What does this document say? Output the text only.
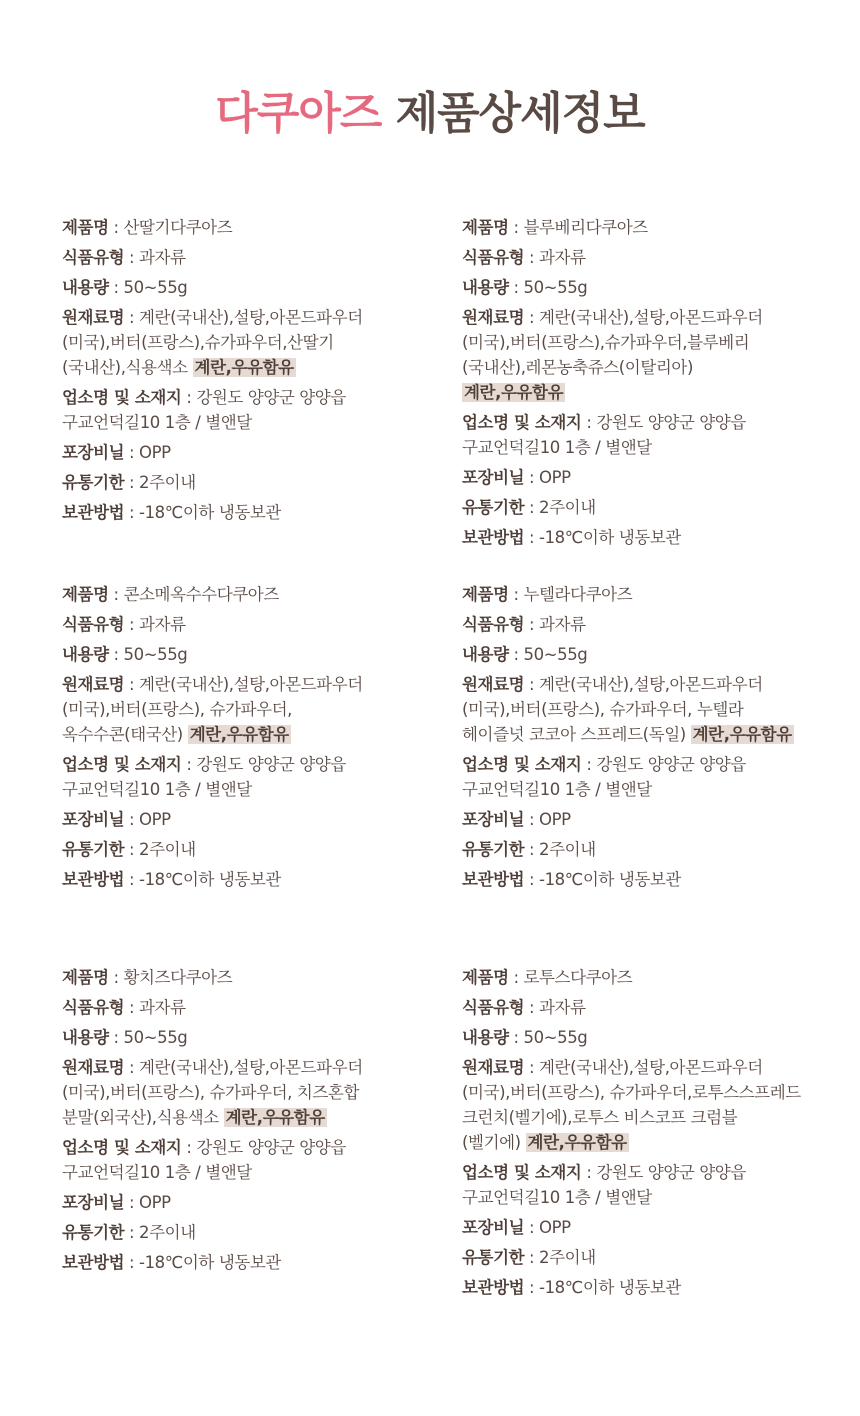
다쿠아즈 제품상세정보
제품명 : 산딸기다쿠아즈
식품유형 : 과자류
내용량 : 50~55g
원재료명 : 계란(국내산),설탕,아몬드파우더
(미국),버터(프랑스),슈가파우더,산딸기
(국내산),식용색소 계란,우유함유
업소명 및 소재지 : 강원도 양양군 양양읍
구교언덕길10 1층 / 별앤달
포장비닐 : OPP
유통기한 : 2주이내
보관방법 : -18℃이하 냉동보관
제품명 : 블루베리다쿠아즈
식품유형 : 과자류
내용량 : 50~55g
원재료명 : 계란(국내산),설탕,아몬드파우더
(미국),버터(프랑스),슈가파우더,블루베리
(국내산),레몬농축쥬스(이탈리아)
계란,우유함유
업소명 및 소재지 : 강원도 양양군 양양읍
구교언덕길10 1층 / 별앤달
포장비닐 : OPP
유통기한 : 2주이내
보관방법 : -18℃이하 냉동보관
제품명 : 콘소메옥수수다쿠아즈
식품유형 : 과자류
내용량 : 50~55g
원재료명 : 계란(국내산),설탕,아몬드파우더
(미국),버터(프랑스), 슈가파우더,
옥수수콘(태국산) 계란,우유함유
업소명 및 소재지 : 강원도 양양군 양양읍
구교언덕길10 1층 / 별앤달
포장비닐 : OPP
유통기한 : 2주이내
보관방법 : -18℃이하 냉동보관
제품명 : 누텔라다쿠아즈
식품유형 : 과자류
내용량 : 50~55g
원재료명 : 계란(국내산),설탕,아몬드파우더
(미국),버터(프랑스), 슈가파우더, 누텔라
헤이즐넛 코코아 스프레드(독일) 계란,우유함유
업소명 및 소재지 : 강원도 양양군 양양읍
구교언덕길10 1층 / 별앤달
포장비닐 : OPP
유통기한 : 2주이내
보관방법 : -18℃이하 냉동보관
제품명 : 황치즈다쿠아즈
식품유형 : 과자류
내용량 : 50~55g
원재료명 : 계란(국내산),설탕,아몬드파우더
(미국),버터(프랑스), 슈가파우더, 치즈혼합
분말(외국산),식용색소 계란,우유함유
업소명 및 소재지 : 강원도 양양군 양양읍
구교언덕길10 1층 / 별앤달
포장비닐 : OPP
유통기한 : 2주이내
보관방법 : -18℃이하 냉동보관
제품명 : 로투스다쿠아즈
식품유형 : 과자류
내용량 : 50~55g
원재료명 : 계란(국내산),설탕,아몬드파우더
(미국),버터(프랑스), 슈가파우더,로투스스프레드
크런치(벨기에),로투스 비스코프 크럼블
(벨기에) 계란,우유함유
업소명 및 소재지 : 강원도 양양군 양양읍
구교언덕길10 1층 / 별앤달
포장비닐 : OPP
유통기한 : 2주이내
보관방법 : -18℃이하 냉동보관
